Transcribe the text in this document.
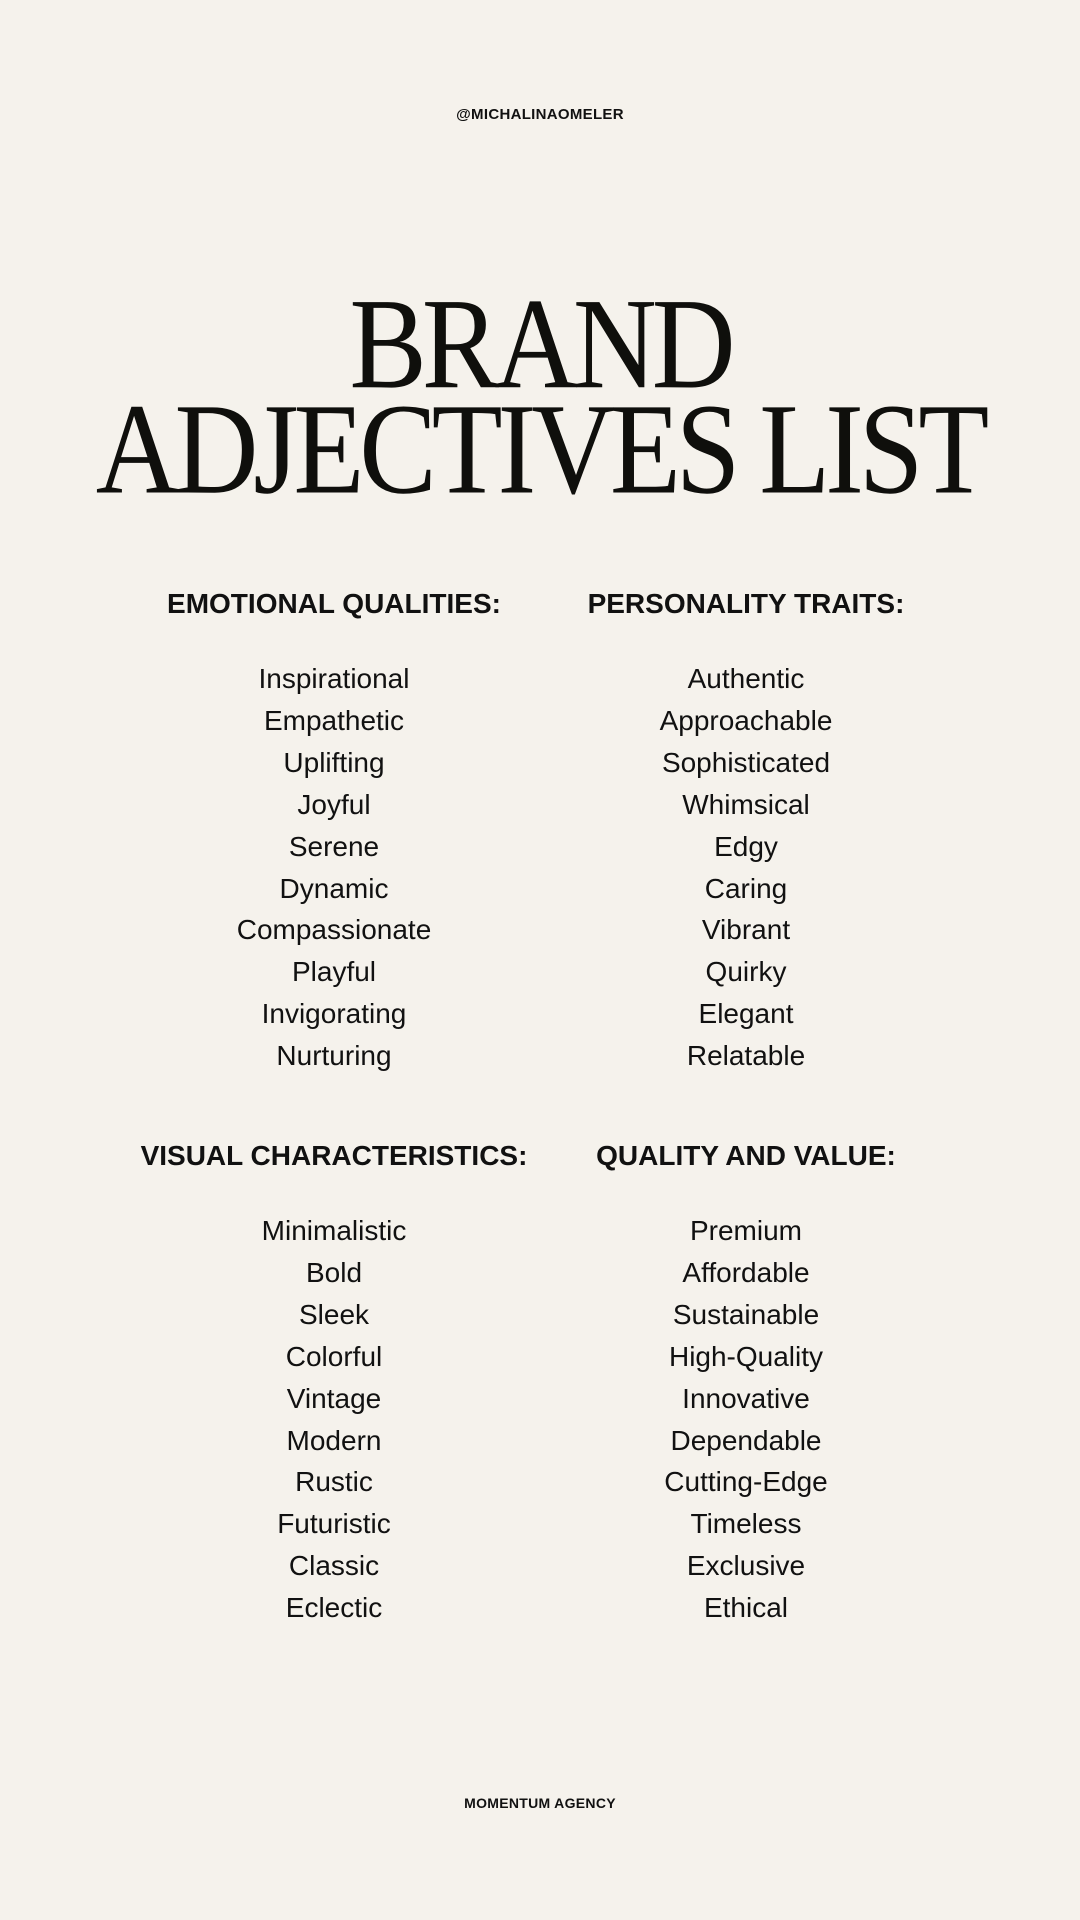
@MICHALINAOMELER
BRAND
ADJECTIVES LIST
EMOTIONAL QUALITIES:
Inspirational
Empathetic
Uplifting
Joyful
Serene
Dynamic
Compassionate
Playful
Invigorating
Nurturing
PERSONALITY TRAITS:
Authentic
Approachable
Sophisticated
Whimsical
Edgy
Caring
Vibrant
Quirky
Elegant
Relatable
VISUAL CHARACTERISTICS:
Minimalistic
Bold
Sleek
Colorful
Vintage
Modern
Rustic
Futuristic
Classic
Eclectic
QUALITY AND VALUE:
Premium
Affordable
Sustainable
High-Quality
Innovative
Dependable
Cutting-Edge
Timeless
Exclusive
Ethical
MOMENTUM AGENCY
